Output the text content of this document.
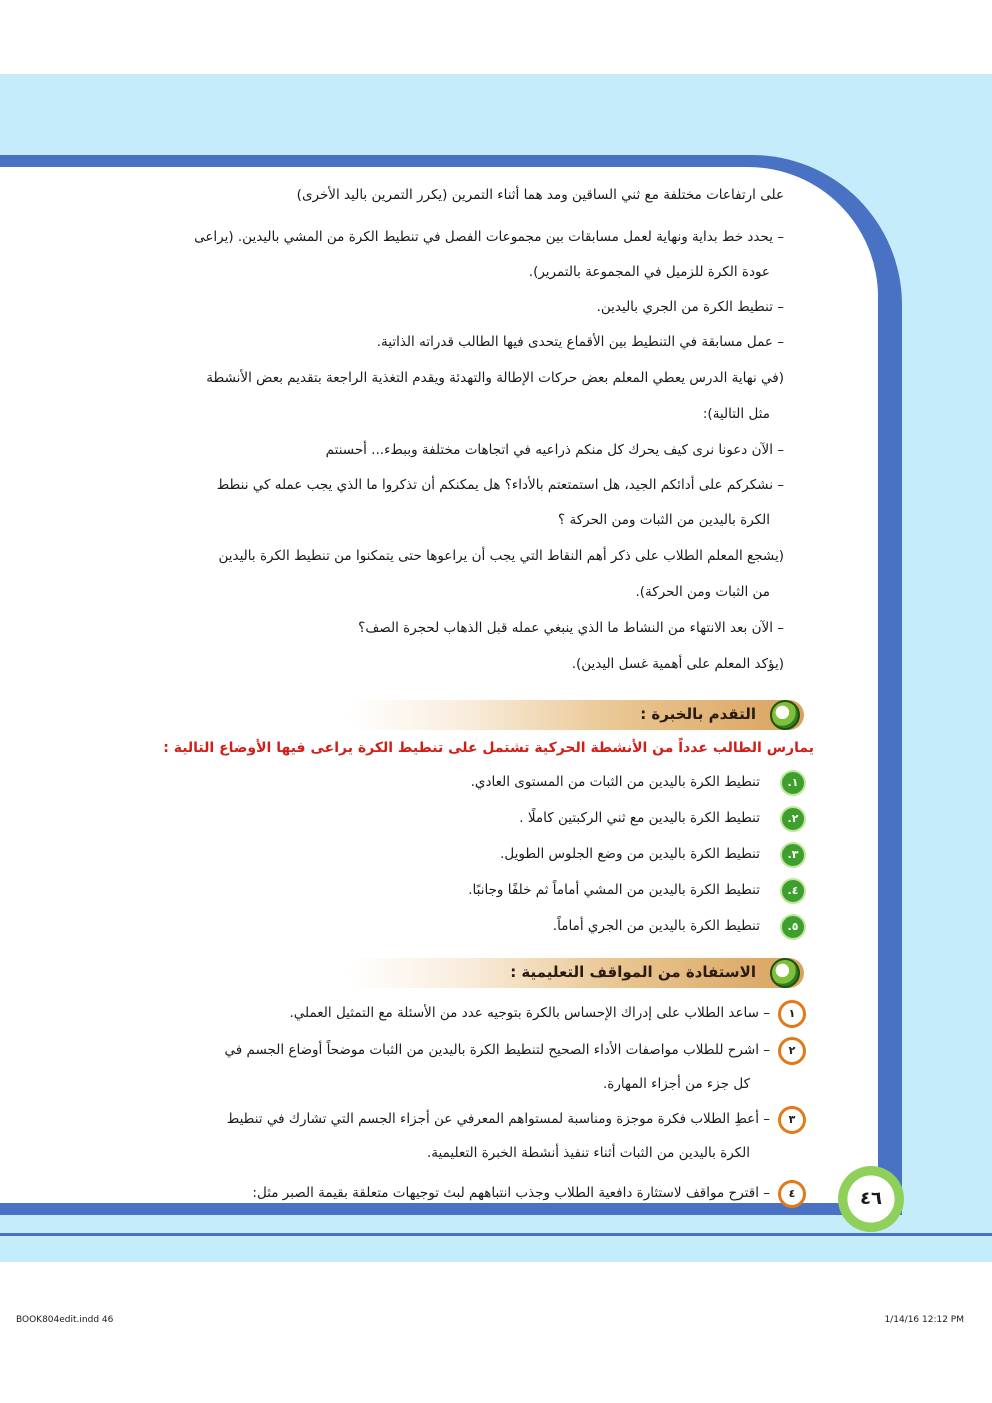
على ارتفاعات مختلفة مع ثني الساقين ومد هما أثناء التمرين (يكرر التمرين باليد الأخرى)
– يحدد خط بداية ونهاية لعمل مسابقات بين مجموعات الفصل في تنطيط الكرة من المشي باليدين. (يراعى
عودة الكرة للزميل في المجموعة بالتمرير).
– تنطيط الكرة من الجري باليدين.
– عمل مسابقة في التنطيط بين الأقماع يتحدى فيها الطالب قدراته الذاتية.
(في نهاية الدرس يعطي المعلم بعض حركات الإطالة والتهدئة ويقدم التغذية الراجعة بتقديم بعض الأنشطة
مثل التالية):
– الآن دعونا نرى كيف يحرك كل منكم ذراعيه في اتجاهات مختلفة وببطء... أحسنتم
– نشكركم على أدائكم الجيد، هل استمتعتم بالأداء؟ هل يمكنكم أن تذكروا ما الذي يجب عمله كي ننطط
الكرة باليدين من الثبات ومن الحركة ؟
(يشجع المعلم الطلاب على ذكر أهم النقاط التي يجب أن يراعوها حتى يتمكنوا من تنطيط الكرة باليدين
من الثبات ومن الحركة).
– الآن بعد الانتهاء من النشاط ما الذي ينبغي عمله قبل الذهاب لحجرة الصف؟
(يؤكد المعلم على أهمية غسل اليدين).
التقدم بالخبرة :
يمارس الطالب عدداً من الأنشطة الحركية تشتمل على تنطيط الكرة يراعى فيها الأوضاع التالية :
١.
تنطيط الكرة باليدين من الثبات من المستوى العادي.
٢.
تنطيط الكرة باليدين مع ثني الركبتين كاملًا .
٣.
تنطيط الكرة باليدين من وضع الجلوس الطويل.
٤.
تنطيط الكرة باليدين من المشي أماماً ثم خلفًا وجانبًا.
٥.
تنطيط الكرة باليدين من الجري أماماً.
الاستفادة من المواقف التعليمية :
١
– ساعد الطلاب على إدراك الإحساس بالكرة بتوجيه عدد من الأسئلة مع التمثيل العملي.
٢
– اشرح للطلاب مواصفات الأداء الصحيح لتنطيط الكرة باليدين من الثبات موضحاً أوضاع الجسم في
كل جزء من أجزاء المهارة.
٣
– أعطِ الطلاب فكرة موجزة ومناسبة لمستواهم المعرفي عن أجزاء الجسم التي تشارك في تنطيط
الكرة باليدين من الثبات أثناء تنفيذ أنشطة الخبرة التعليمية.
٤
– اقترح مواقف لاستثارة دافعية الطلاب وجذب انتباههم لبث توجيهات متعلقة بقيمة الصبر مثل:	٤٦
BOOK804edit.indd 46	1/14/16 12:12 PM
